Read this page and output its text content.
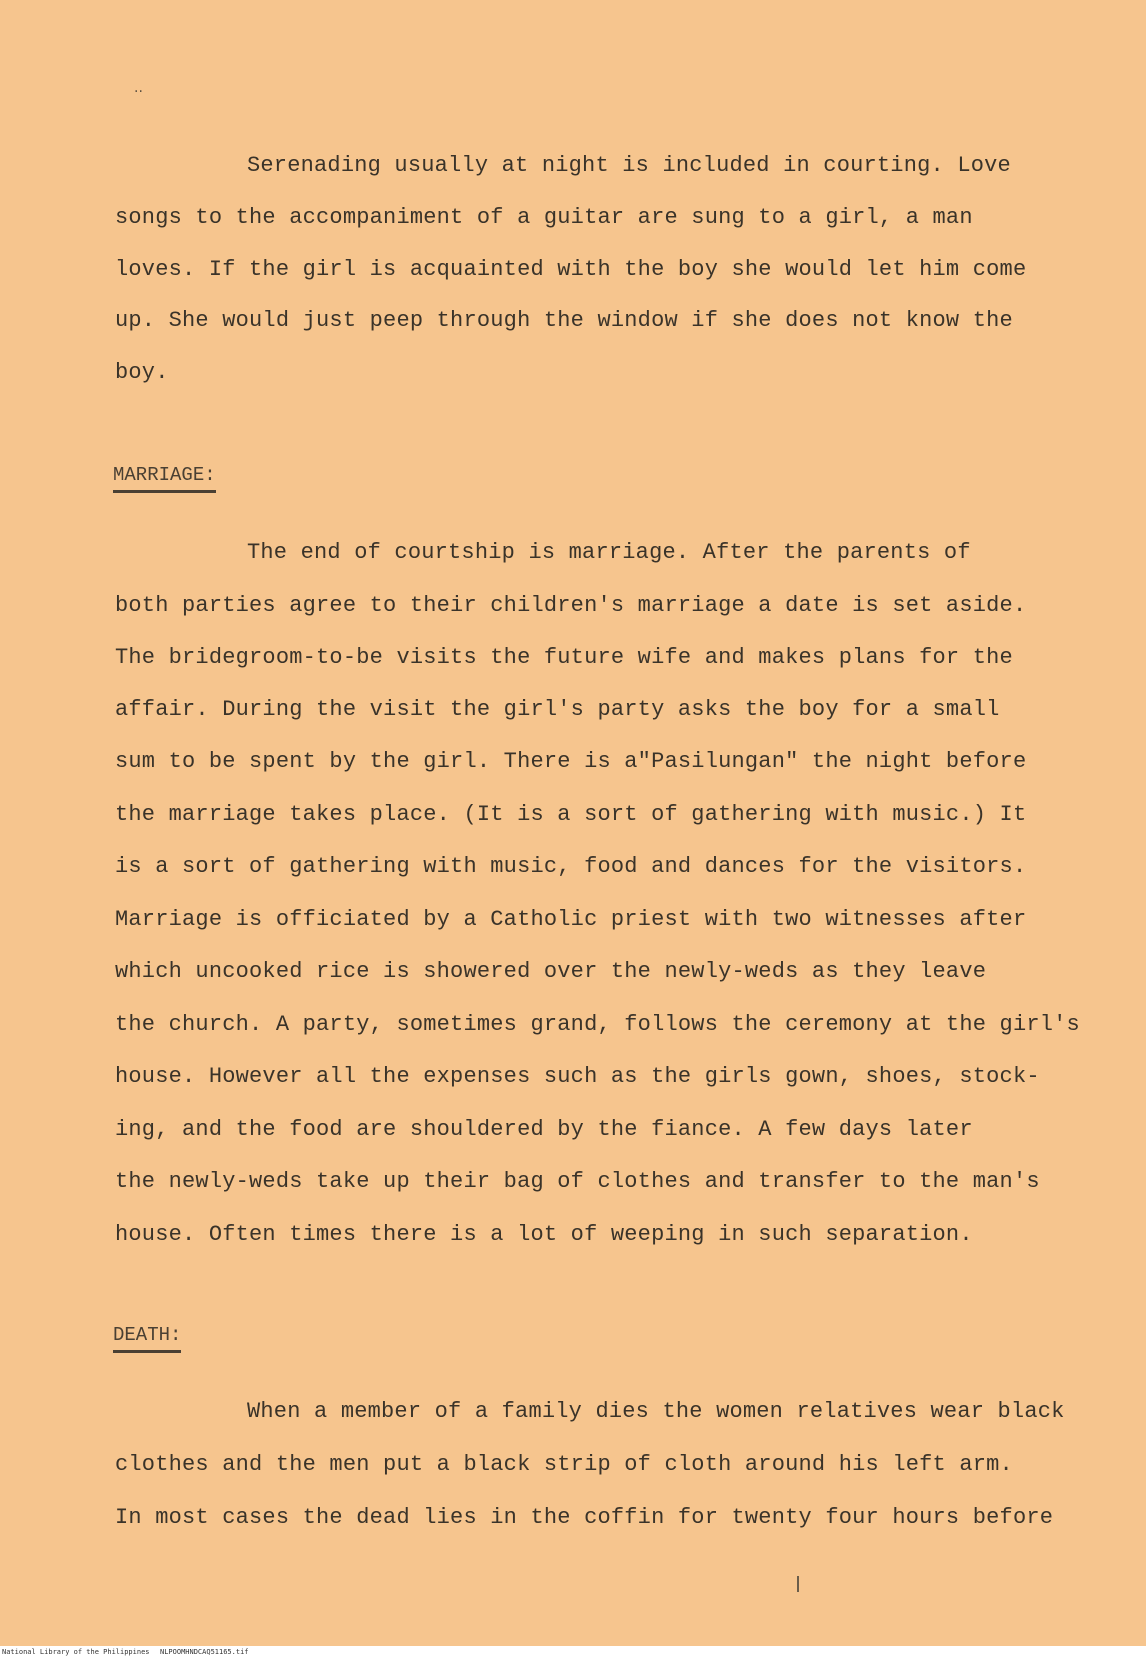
..
Serenading usually at night is included in courting. Love
songs to the accompaniment of a guitar are sung to a girl, a man
loves. If the girl is acquainted with the boy she would let him come
up. She would just peep through the window if she does not know the
boy.
MARRIAGE:
The end of courtship is marriage. After the parents of
both parties agree to their children's marriage a date is set aside.
The bridegroom-to-be visits the future wife and makes plans for the
affair. During the visit the girl's party asks the boy for a small
sum to be spent by the girl. There is a"Pasilungan" the night before
the marriage takes place. (It is a sort of gathering with music.) It
is a sort of gathering with music, food and dances for the visitors.
Marriage is officiated by a Catholic priest with two witnesses after
which uncooked rice is showered over the newly-weds as they leave
the church. A party, sometimes grand, follows the ceremony at the girl's
house. However all the expenses such as the girls gown, shoes, stock-
ing, and the food are shouldered by the fiance. A few days later
the newly-weds take up their bag of clothes and transfer to the man's
house. Often times there is a lot of weeping in such separation.
DEATH:
When a member of a family dies the women relatives wear black
clothes and the men put a black strip of cloth around his left arm.
In most cases the dead lies in the coffin for twenty four hours before
National Library of the Philippines NLPOOMHNDCAQ51165.tif
